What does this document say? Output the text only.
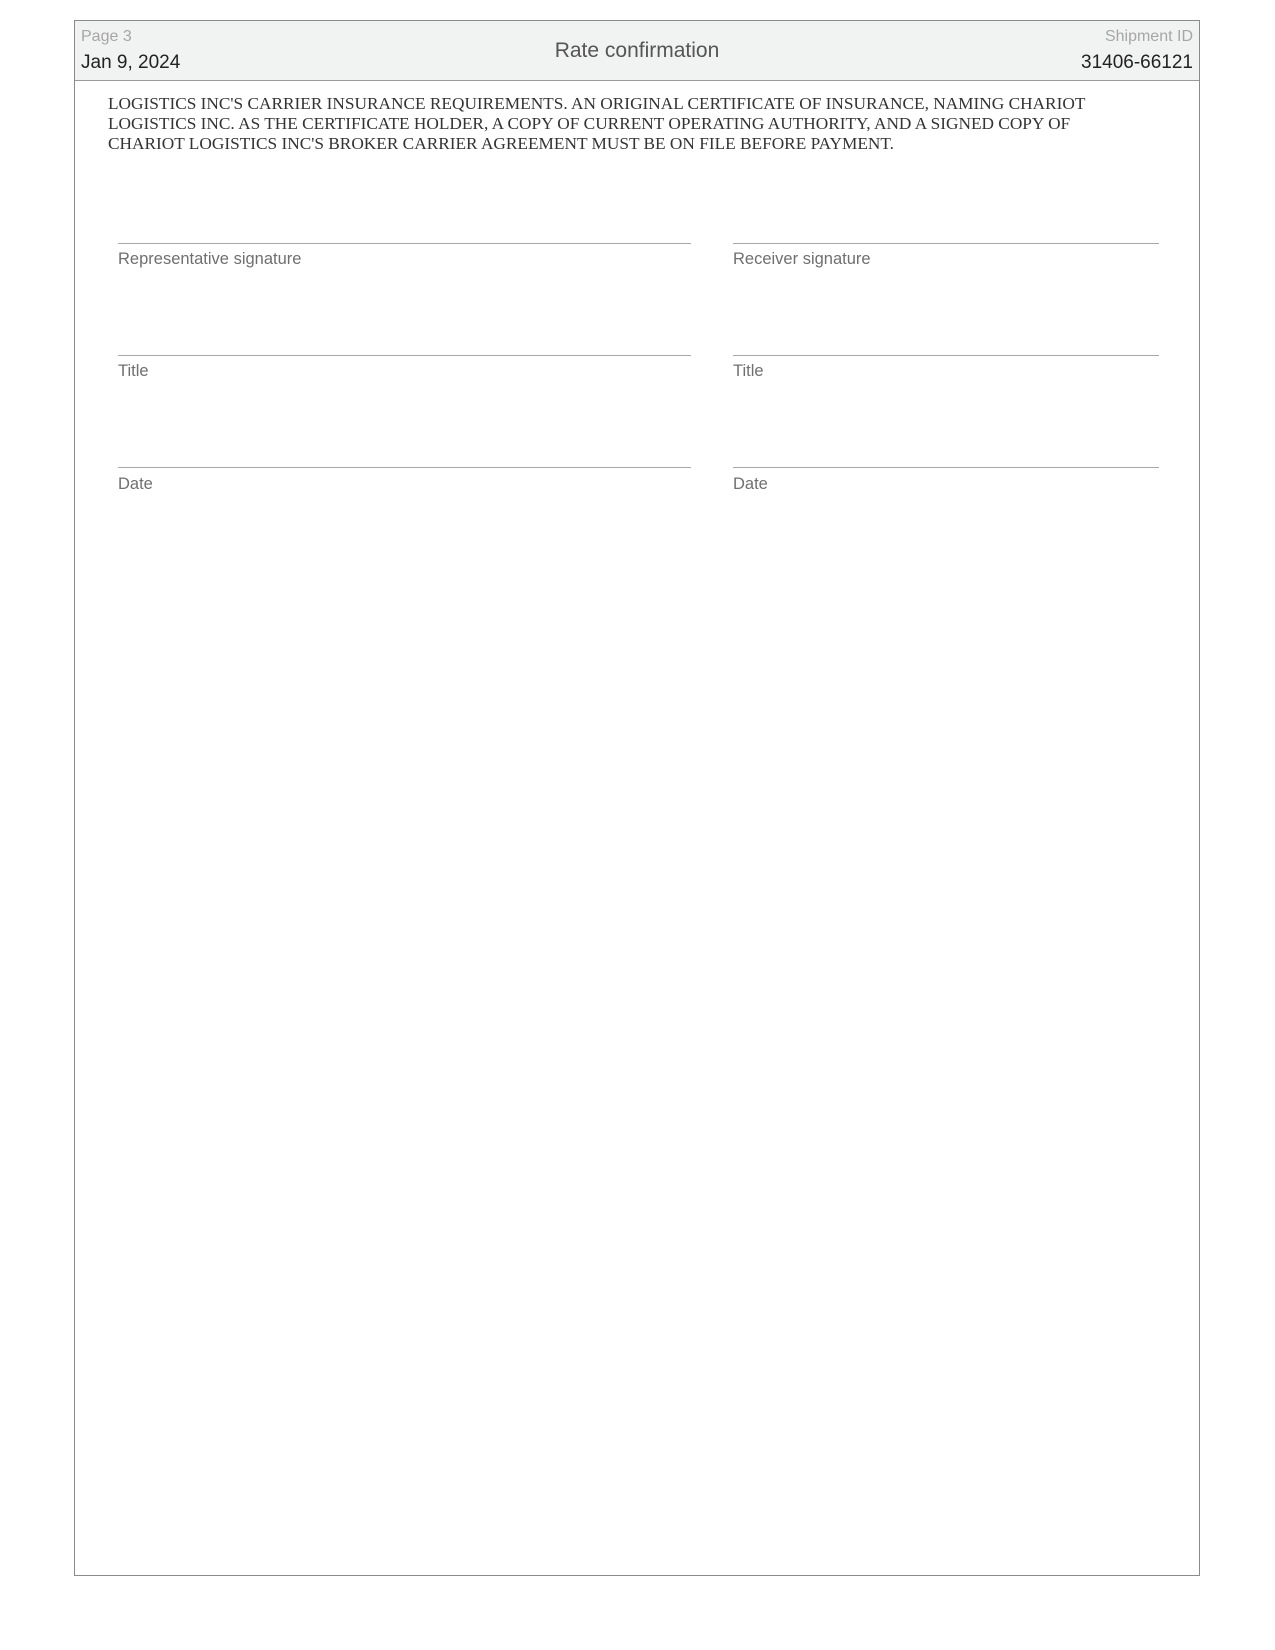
Page 3
Jan 9, 2024
Rate confirmation
Shipment ID
31406-66121

LOGISTICS INC'S CARRIER INSURANCE REQUIREMENTS. AN ORIGINAL CERTIFICATE OF INSURANCE, NAMING CHARIOT LOGISTICS INC. AS THE CERTIFICATE HOLDER, A COPY OF CURRENT OPERATING AUTHORITY, AND A SIGNED COPY OF CHARIOT LOGISTICS INC'S BROKER CARRIER AGREEMENT MUST BE ON FILE BEFORE PAYMENT.

Representative signature
Title
Date
Receiver signature
Title
Date
